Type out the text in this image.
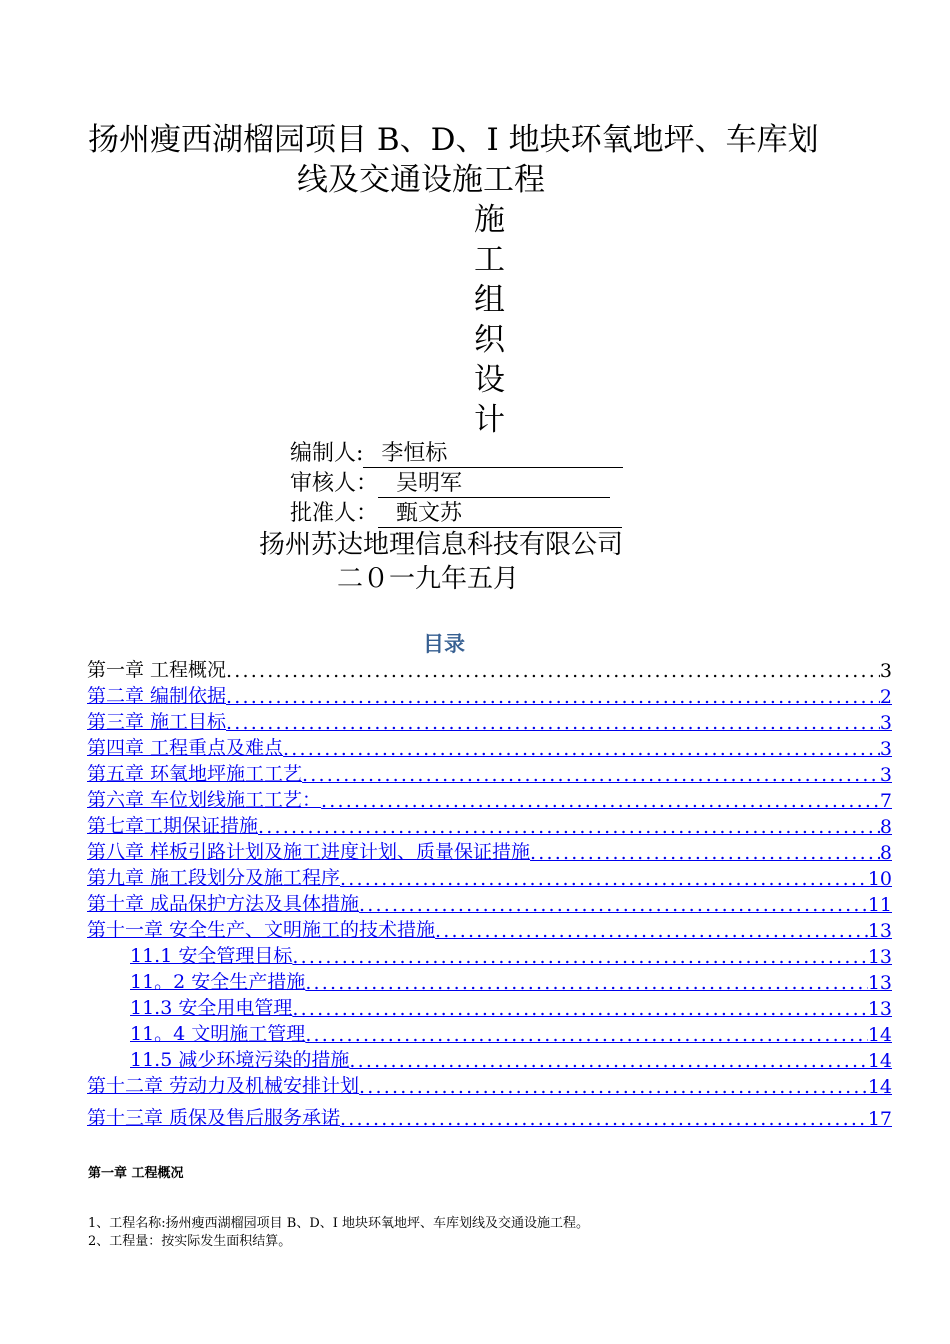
扬州瘦西湖榴园项目 B、D、I 地块环氧地坪、车库划
线及交通设施工程
施
工
组
织
设
计
编制人: 李恒标
审核人： 吴明军
批准人： 甄文苏
扬州苏达地理信息科技有限公司
二０一九年五月
目录
第一章 工程概况 .....	3
第二章 编制依据 .....	2
第三章 施工目标 .....	3
第四章 工程重点及难点 .....	3
第五章 环氧地坪施工工艺 .....	3
第六章 车位划线施工工艺： .....	7
第七章工期保证措施 .....	8
第八章 样板引路计划及施工进度计划、质量保证措施 .....	8
第九章 施工段划分及施工程序 .....	10
第十章 成品保护方法及具体措施 .....	11
第十一章 安全生产、文明施工的技术措施 .....	13
11.1 安全管理目标 .....	13
11。2 安全生产措施 .....	13
11.3 安全用电管理 .....	13
11。4 文明施工管理 .....	14
11.5 减少环境污染的措施 .....	14
第十二章 劳动力及机械安排计划 .....	14
第十三章 质保及售后服务承诺 .....	17
第一章 工程概况
1、工程名称:扬州瘦西湖榴园项目 B、D、I 地块环氧地坪、车库划线及交通设施工程。
2、工程量：按实际发生面积结算。
